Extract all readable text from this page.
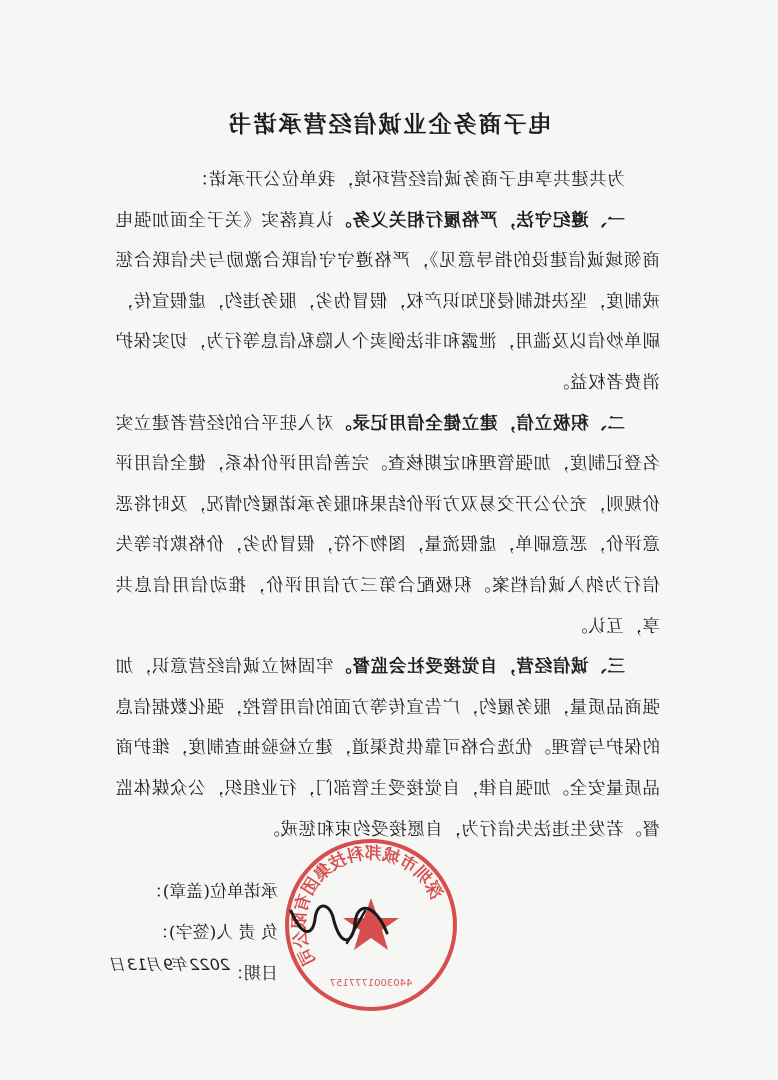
电子商务企业诚信经营承诺书

为共建共享电子商务诚信经营环境，我单位公开承诺：

一、遵纪守法，严格履行相关义务。认真落实《关于全面加强电商领域诚信建设的指导意见》，严格遵守守信联合激励与失信联合惩戒制度，坚决抵制侵犯知识产权，假冒伪劣，服务违约，虚假宣传，刷单炒信以及滥用，泄露和非法倒卖个人隐私信息等行为，切实保护消费者权益。

二、积极立信，建立健全信用记录。对入驻平台的经营者建立实名登记制度，加强管理和定期核查。完善信用评价体系，健全信用评价规则，充分公开交易双方评价结果和服务承诺履约情况，及时将恶意评价，恶意刷单，虚假流量，图物不符，假冒伪劣，价格欺诈等失信行为纳入诚信档案。积极配合第三方信用评价，推动信用信息共享，互认。

三、诚信经营，自觉接受社会监督。牢固树立诚信经营意识，加强商品质量，服务履约，广告宣传等方面的信用管控，强化数据信息的保护与管理。优选合格可靠供货渠道，建立检验抽查制度，维护商品质量安全。加强自律，自觉接受主管部门，行业组织，公众媒体监督。若发生违法失信行为，自愿接受约束和惩戒。

承诺单位(盖章)：
负 责 人(签字)：
日期：
2022年9月13日
深圳市城邦科技集团有限公司
4403001777157
